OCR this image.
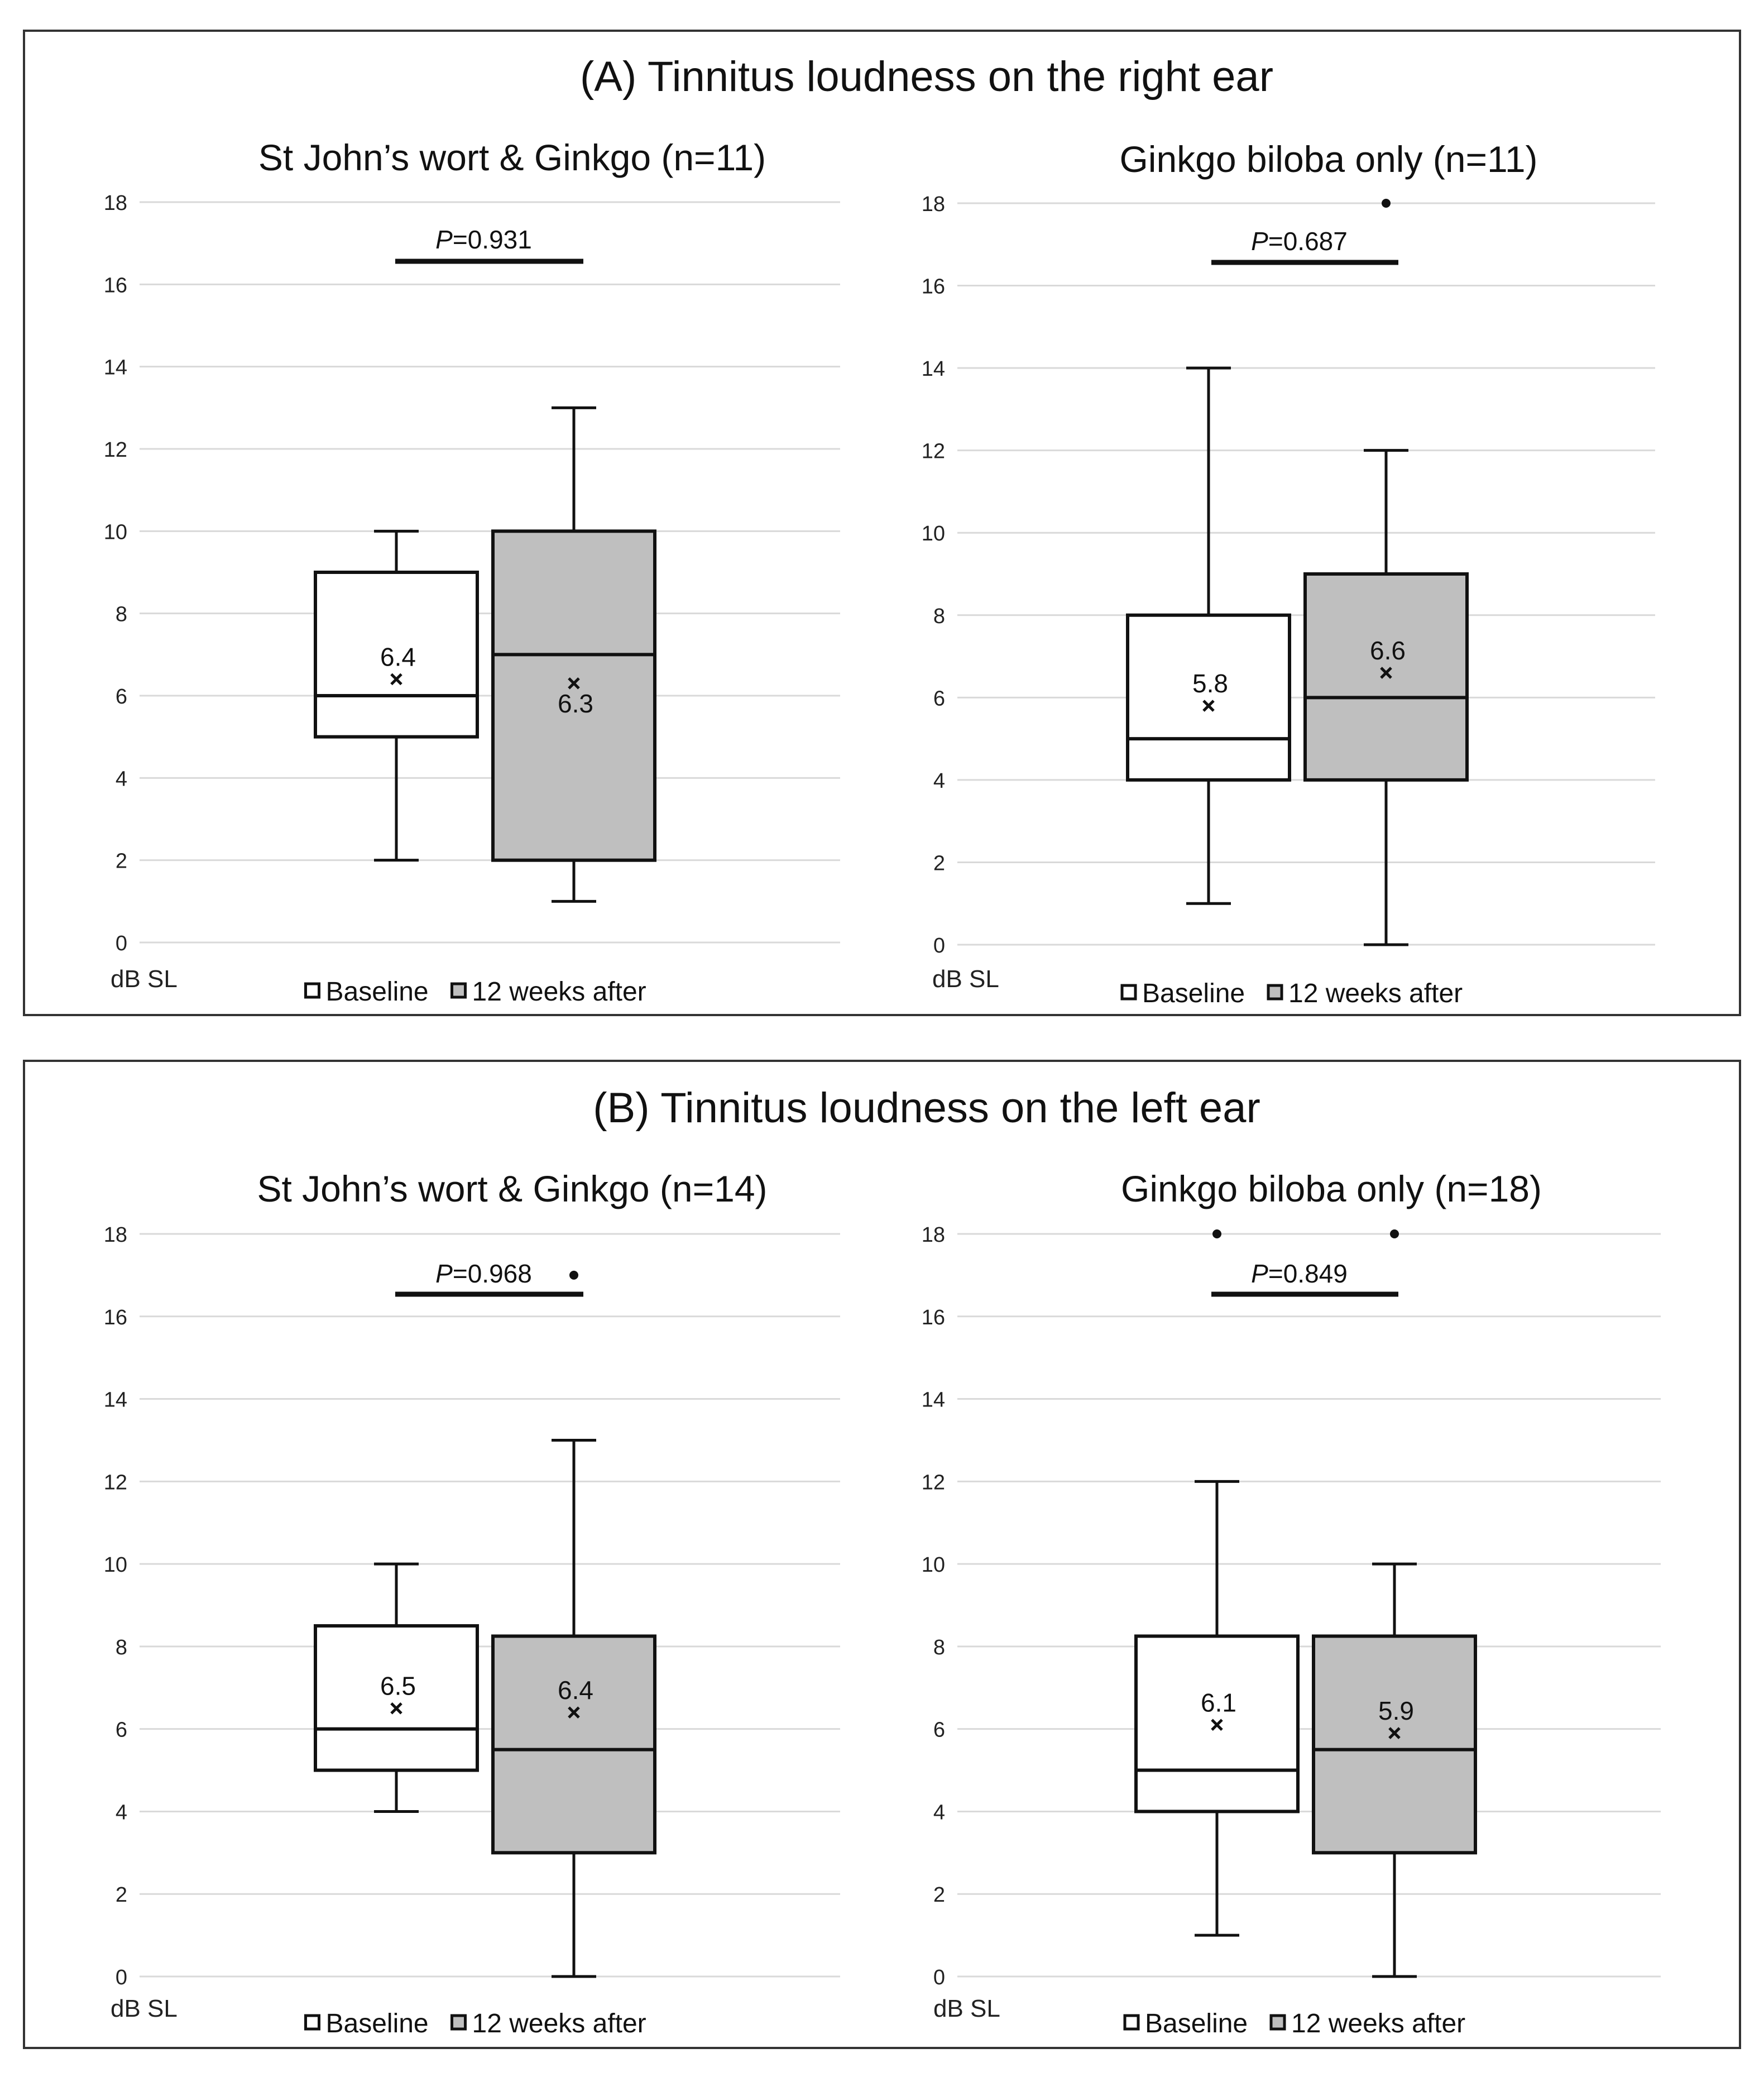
(A) Tinnitus loudness on the right ear
St John’s wort & Ginkgo (n=11)
0
2
4
6
8
10
12
14
16
18
dB SL
6.4
6.3
P=0.931
Baseline 12 weeks after
Ginkgo biloba only (n=11)
0
2
4
6
8
10
12
14
16
18
dB SL
5.8
6.6
P=0.687
Baseline 12 weeks after
(B) Tinnitus loudness on the left ear
St John’s wort & Ginkgo (n=14)
0
2
4
6
8
10
12
14
16
18
dB SL
6.5	6.4
P=0.968
Baseline 12 weeks after
Ginkgo biloba only (n=18)
0
2
4
6
8
10
12
14
16
18
dB SL
6.1	5.9
P=0.849
Baseline 12 weeks after
